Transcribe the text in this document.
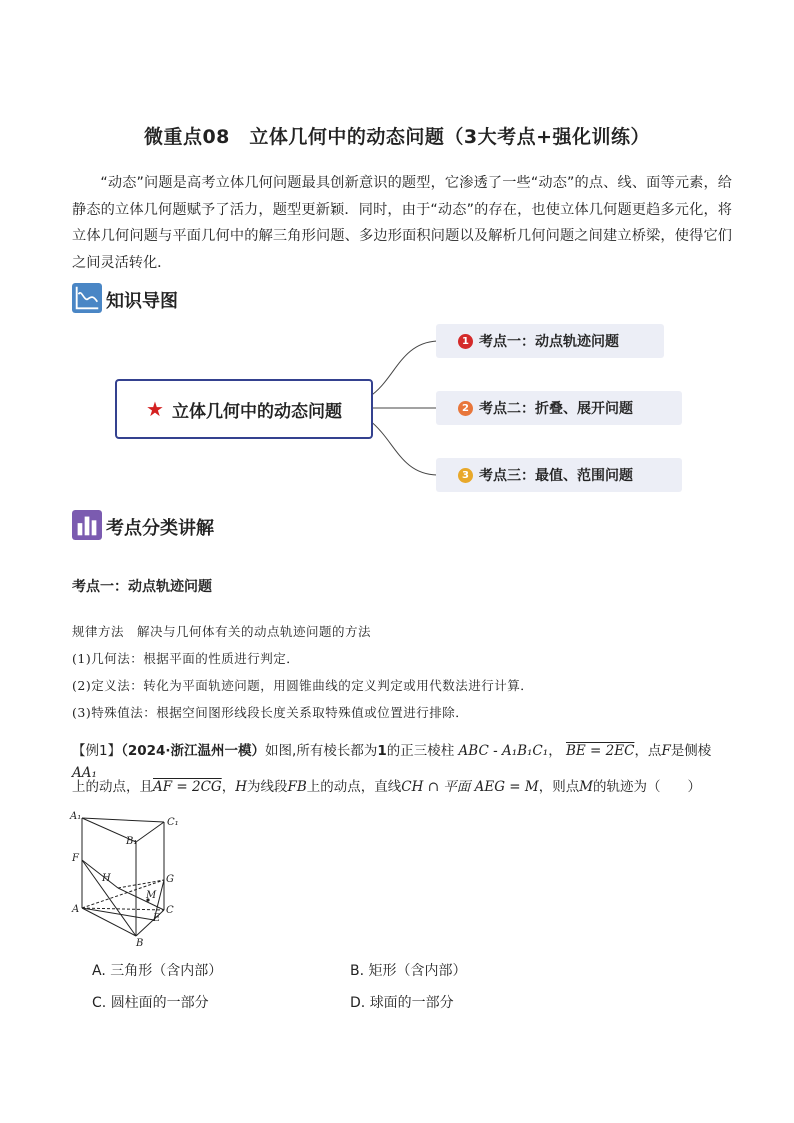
微重点08　立体几何中的动态问题（3大考点+强化训练）
“动态”问题是高考立体几何问题最具创新意识的题型，它渗透了一些“动态”的点、线、面等元素，给静态的立体几何题赋予了活力，题型更新颖．同时，由于“动态”的存在，也使立体几何题更趋多元化，将立体几何问题与平面几何中的解三角形问题、多边形面积问题以及解析几何问题之间建立桥梁，使得它们之间灵活转化．
知识导图
★ 立体几何中的动态问题
1 考点一：动点轨迹问题
2 考点二：折叠、展开问题
3 考点三：最值、范围问题
考点分类讲解
考点一：动点轨迹问题
规律方法　解决与几何体有关的动点轨迹问题的方法
(1)几何法：根据平面的性质进行判定．
(2)定义法：转化为平面轨迹问题，用圆锥曲线的定义判定或用代数法进行计算．
(3)特殊值法：根据空间图形线段长度关系取特殊值或位置进行排除．
【例1】（2024·浙江温州一模）如图,所有棱长都为1的正三棱柱 ABC - A₁B₁C₁， BE = 2EC，点F是侧棱AA₁
上的动点，且AF = 2CG，H为线段FB上的动点，直线CH ∩ 平面 AEG = M，则点M的轨迹为（　　）
A₁
B₁
C₁
F
H
M
G
A
E
C
B
A. 三角形（含内部）	B. 矩形（含内部）
C. 圆柱面的一部分	D. 球面的一部分
